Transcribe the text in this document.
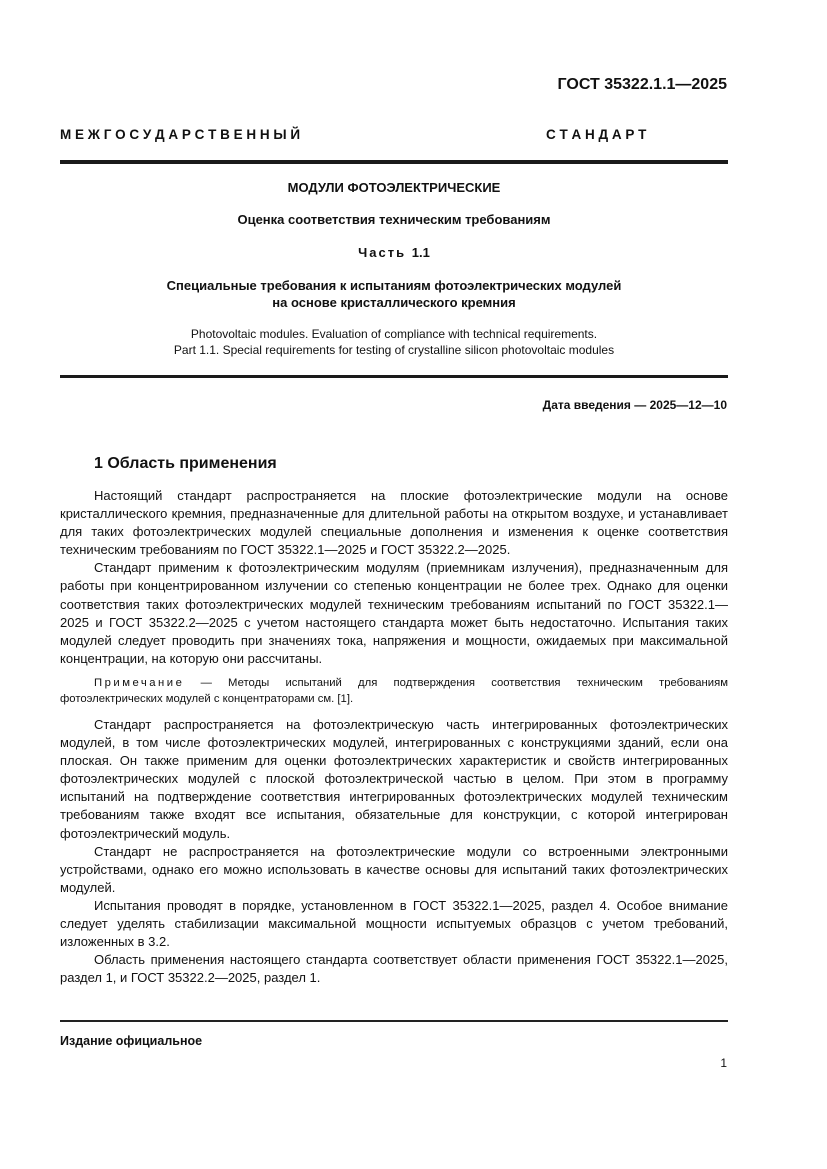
ГОСТ 35322.1.1—2025
М Е Ж Г О С У Д А Р С Т В Е Н Н Ы Й	С Т А Н Д А Р Т
МОДУЛИ ФОТОЭЛЕКТРИЧЕСКИЕ
Оценка соответствия техническим требованиям
Часть 1.1
Специальные требования к испытаниям фотоэлектрических модулей
на основе кристаллического кремния
Photovoltaic modules. Evaluation of compliance with technical requirements.
Part 1.1. Special requirements for testing of crystalline silicon photovoltaic modules
Дата введения — 2025—12—10
1 Область применения

Настоящий стандарт распространяется на плоские фотоэлектрические модули на основе кристаллического кремния, предназначенные для длительной работы на открытом воздухе, и устанавливает для таких фотоэлектрических модулей специальные дополнения и изменения к оценке соответствия техническим требованиям по ГОСТ 35322.1—2025 и ГОСТ 35322.2—2025.

Стандарт применим к фотоэлектрическим модулям (приемникам излучения), предназначенным для работы при концентрированном излучении со степенью концентрации не более трех. Однако для оценки соответствия таких фотоэлектрических модулей техническим требованиям испытаний по ГОСТ 35322.1—2025 и ГОСТ 35322.2—2025 с учетом настоящего стандарта может быть недостаточно. Испытания таких модулей следует проводить при значениях тока, напряжения и мощности, ожидаемых при максимальной концентрации, на которую они рассчитаны.

Примечание — Методы испытаний для подтверждения соответствия техническим требованиям фотоэлектрических модулей с концентраторами см. [1].

Стандарт распространяется на фотоэлектрическую часть интегрированных фотоэлектрических модулей, в том числе фотоэлектрических модулей, интегрированных с конструкциями зданий, если она плоская. Он также применим для оценки фотоэлектрических характеристик и свойств интегрированных фотоэлектрических модулей с плоской фотоэлектрической частью в целом. При этом в программу испытаний на подтверждение соответствия интегрированных фотоэлектрических модулей техническим требованиям также входят все испытания, обязательные для конструкции, с которой интегрирован фотоэлектрический модуль.

Стандарт не распространяется на фотоэлектрические модули со встроенными электронными устройствами, однако его можно использовать в качестве основы для испытаний таких фотоэлектрических модулей.

Испытания проводят в порядке, установленном в ГОСТ 35322.1—2025, раздел 4. Особое внимание следует уделять стабилизации максимальной мощности испытуемых образцов с учетом требований, изложенных в 3.2.

Область применения настоящего стандарта соответствует области применения ГОСТ 35322.1—2025, раздел 1, и ГОСТ 35322.2—2025, раздел 1.

Издание официальное
1
